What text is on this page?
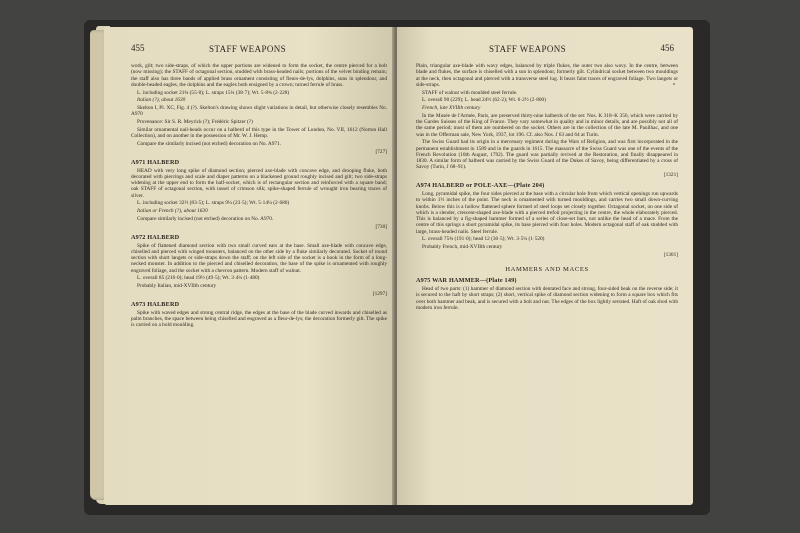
455	STAFF WEAPONS

work, gilt; two side-straps, of which the upper portions are widened to form the socket, the centre pierced for a bolt (now missing); the STAFF of octagonal section, studded with brass-headed nails; portions of the velvet binding remain; the staff also has three bands of applied brass ornament consisting of fleurs-de-lys, dolphins, suns in splendour, and double-headed eagles, the dolphins and the eagles both ensigned by a crown; turned ferrule of brass.

L. including socket 21¾ (55·8); L. straps 15¼ (38·7); Wt. 5·8¾ (2·228)

Italian (?), about 1630

Skelton I, Pl. XC, Fig. 4 (?). Skelton's drawing shows slight variations in detail, but otherwise closely resembles No. A970

Provenance: Sir S. R. Meyrick (?); Frédéric Spitzer (?)

Similar ornamental nail-heads occur on a halberd of this type in the Tower of London, No. VII, 1612 (Norton Hall Collection), and on another in the possession of Mr. W. J. Hemp.

Compare the similarly incised (not etched) decoration on No. A971.

[727]

A971 HALBERD

HEAD with very long spike of diamond section; pierced axe-blade with concave edge, and drooping fluke, both decorated with piercings and scale and diaper patterns on a blackened ground roughly incised and gilt; two side-straps widening at the upper end to form the half-socket, which is of rectangular section and reinforced with a square band; oak STAFF of octagonal section, with tassel of crimson silk; spike-shaped ferrule of wrought iron bearing traces of silver.

L. including socket 32½ (83·5); L. straps 9¼ (23·5); Wt. 5·14¼ (2·680)

Italian or French (?), about 1630

Compare similarly incised (not etched) decoration on No. A970.

[730]

A972 HALBERD

Spike of flattened diamond section with two small curved ears at the base. Small axe-blade with concave edge, chiselled and pierced with winged monsters, balanced on the other side by a fluke similarly decorated. Socket of round section with short langets or side-straps down the staff; on the left side of the socket is a hook in the form of a long-necked monster. In addition to the pierced and chiselled decoration, the base of the spike is ornamented with roughly engraved foliage, and the socket with a chevron pattern. Modern staff of walnut.

L. overall 85 (216·0); head 19½ (49·5); Wt. 3·4¼ (1·480)

Probably Italian, mid-XVIIth century

[1297]

A973 HALBERD

Spike with waved edges and strong central ridge, the edges at the base of the blade curved inwards and chiselled as palm branches, the space between being chiselled and engraved as a fleur-de-lys; the decoration formerly gilt. The spike is carried on a bold moulding.

STAFF WEAPONS	456

Plain, triangular axe-blade with wavy edges, balanced by triple flukes, the outer two also wavy. In the centre, between blade and flukes, the surface is chiselled with a sun in splendour, formerly gilt. Cylindrical socket between two mouldings at the neck, then octagonal and pierced with a transverse steel lug. It bears faint traces of engraved foliage. Two langets or side-straps.

STAFF of walnut with moulded steel ferrule.

L. overall 90 (229); L. head 24½ (62·2); Wt. 6·2½ (2·800)

French, late XVIIth century

In the Musée de l'Armée, Paris, are preserved thirty-nine halberds of the set: Nos. K 318–K 356, which were carried by the Gardes Suisses of the King of France. They vary somewhat in quality and in minor details, and are possibly not all of the same period; most of them are numbered on the socket. Others are in the collection of the late M. Pauilhac, and one was in the Offerman sale, New York, 1937, lot 196. Cf. also Nos. J 63 and 64 at Turin.

The Swiss Guard had its origin in a mercenary regiment during the Wars of Religion, and was first incorporated in the permanent establishment in 1589 and in the guards in 1615. The massacre of the Swiss Guard was one of the events of the French Revolution (10th August, 1792). The guard was partially revived at the Restoration, and finally disappeared in 1830. A similar form of halberd was carried by the Swiss Guard of the Dukes of Savoy, being differentiated by a cross of Savoy (Turin, J 68–91).

[1321]

A974 HALBERD or POLE-AXE—(Plate 204)

Long, pyramidal spike, the four sides pierced at the base with a circular hole from which vertical openings run upwards to within 1½ inches of the point. The neck is ornamented with turned mouldings, and carries two small down-curving knobs. Below this is a hollow flattened sphere formed of steel loops set closely together. Octagonal socket, on one side of which is a slender, crescent-shaped axe-blade with a pierced trefoil projecting in the centre, the whole elaborately pierced. This is balanced by a fig-shaped hammer formed of a series of close-set bars, not unlike the head of a mace. From the centre of this springs a short pyramidal spike, its base pierced with four holes. Modern octagonal staff of oak studded with large, brass-headed nails. Steel ferrule.

L. overall 75¾ (191·0); head 12 (30·5); Wt. 3·5¼ (1·520)

Probably French, mid-XVIIth century

[1301]

HAMMERS AND MACES

A975 WAR HAMMER—(Plate 149)

Head of two parts: (1) hammer of diamond section with dentated face and strong, four-sided beak on the reverse side; it is secured to the haft by short straps; (2) short, vertical spike of diamond section widening to form a square box which fits over both hammer and beak, and is secured with a bolt and nut. The edges of the box lightly serrated. Haft of oak shod with modern iron ferrule.
